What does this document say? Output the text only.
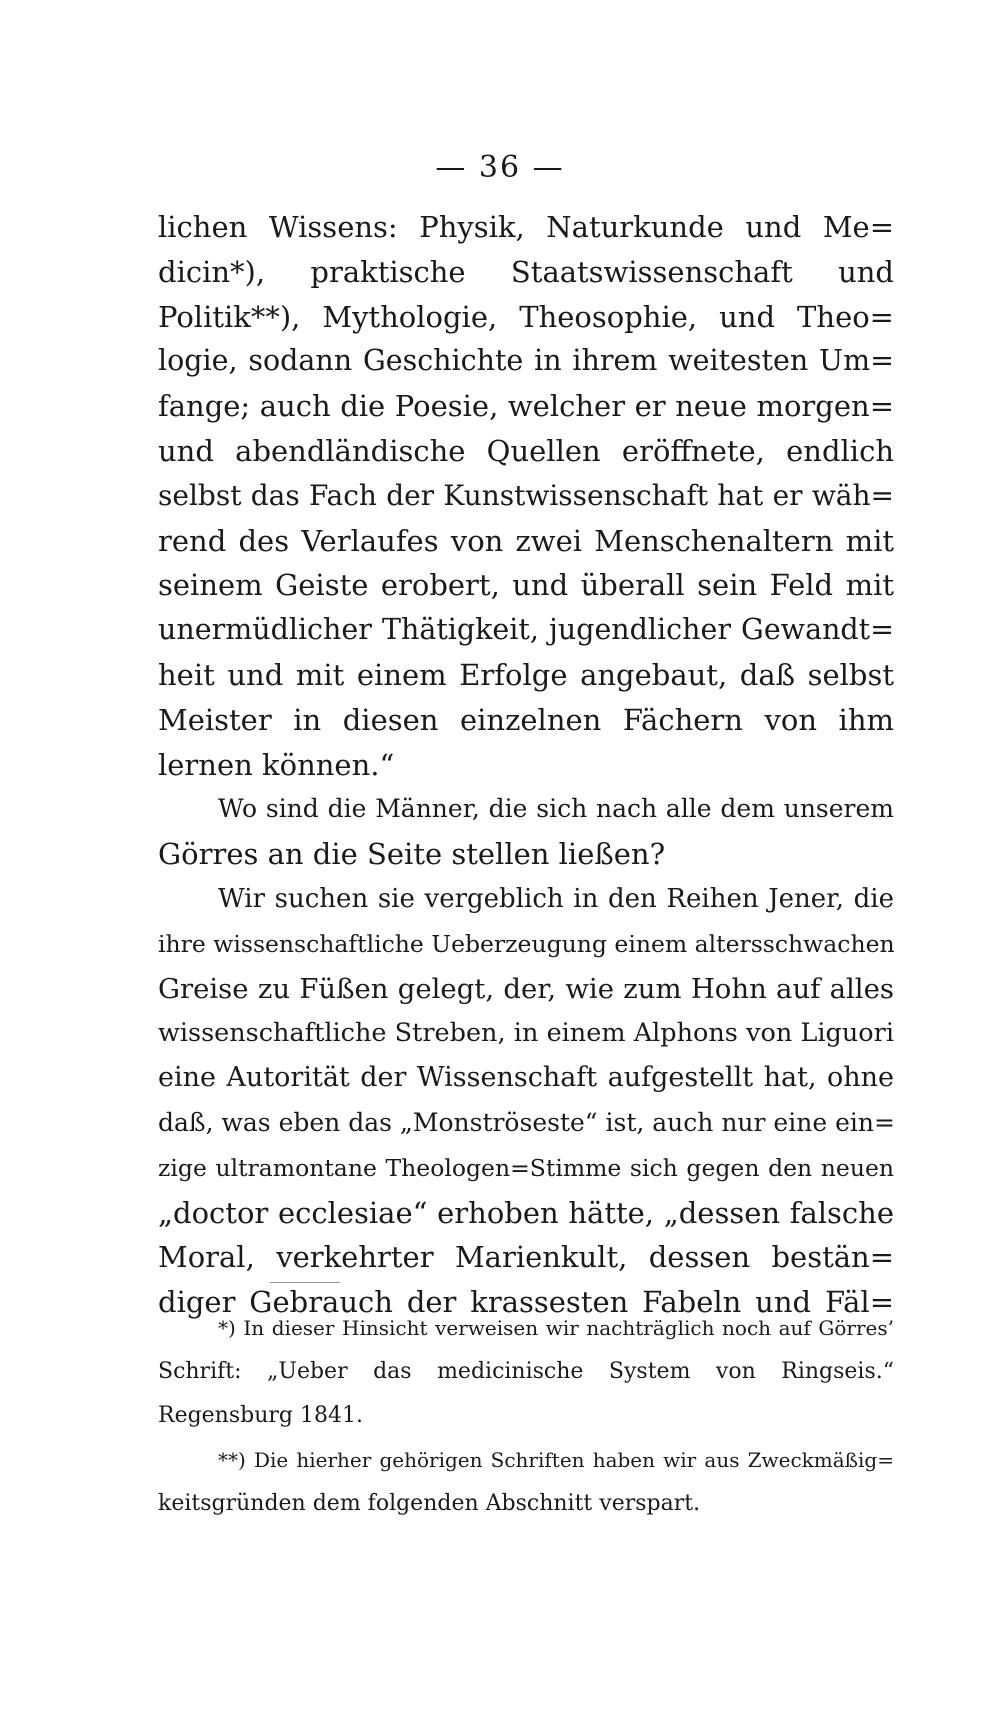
— 36 —
lichen Wissens: Physik, Naturkunde und Me=
dicin*), praktische Staatswissenschaft und
Politik**), Mythologie, Theosophie, und Theo=
logie, sodann Geschichte in ihrem weitesten Um=
fange; auch die Poesie, welcher er neue morgen=
und abendländische Quellen eröffnete, endlich
selbst das Fach der Kunstwissenschaft hat er wäh=
rend des Verlaufes von zwei Menschenaltern mit
seinem Geiste erobert, und überall sein Feld mit
unermüdlicher Thätigkeit, jugendlicher Gewandt=
heit und mit einem Erfolge angebaut, daß selbst
Meister in diesen einzelnen Fächern von ihm
lernen können.“
Wo sind die Männer, die sich nach alle dem unserem
Görres an die Seite stellen ließen?
Wir suchen sie vergeblich in den Reihen Jener, die
ihre wissenschaftliche Ueberzeugung einem altersschwachen
Greise zu Füßen gelegt, der, wie zum Hohn auf alles
wissenschaftliche Streben, in einem Alphons von Liguori
eine Autorität der Wissenschaft aufgestellt hat, ohne
daß, was eben das „Monströseste“ ist, auch nur eine ein=
zige ultramontane Theologen=Stimme sich gegen den neuen
„doctor ecclesiae“ erhoben hätte, „dessen falsche
Moral, verkehrter Marienkult, dessen bestän=
diger Gebrauch der krassesten Fabeln und Fäl=
*) In dieser Hinsicht verweisen wir nachträglich noch auf Görres’
Schrift: „Ueber das medicinische System von Ringseis.“
Regensburg 1841.
**) Die hierher gehörigen Schriften haben wir aus Zweckmäßig=
keitsgründen dem folgenden Abschnitt verspart.
